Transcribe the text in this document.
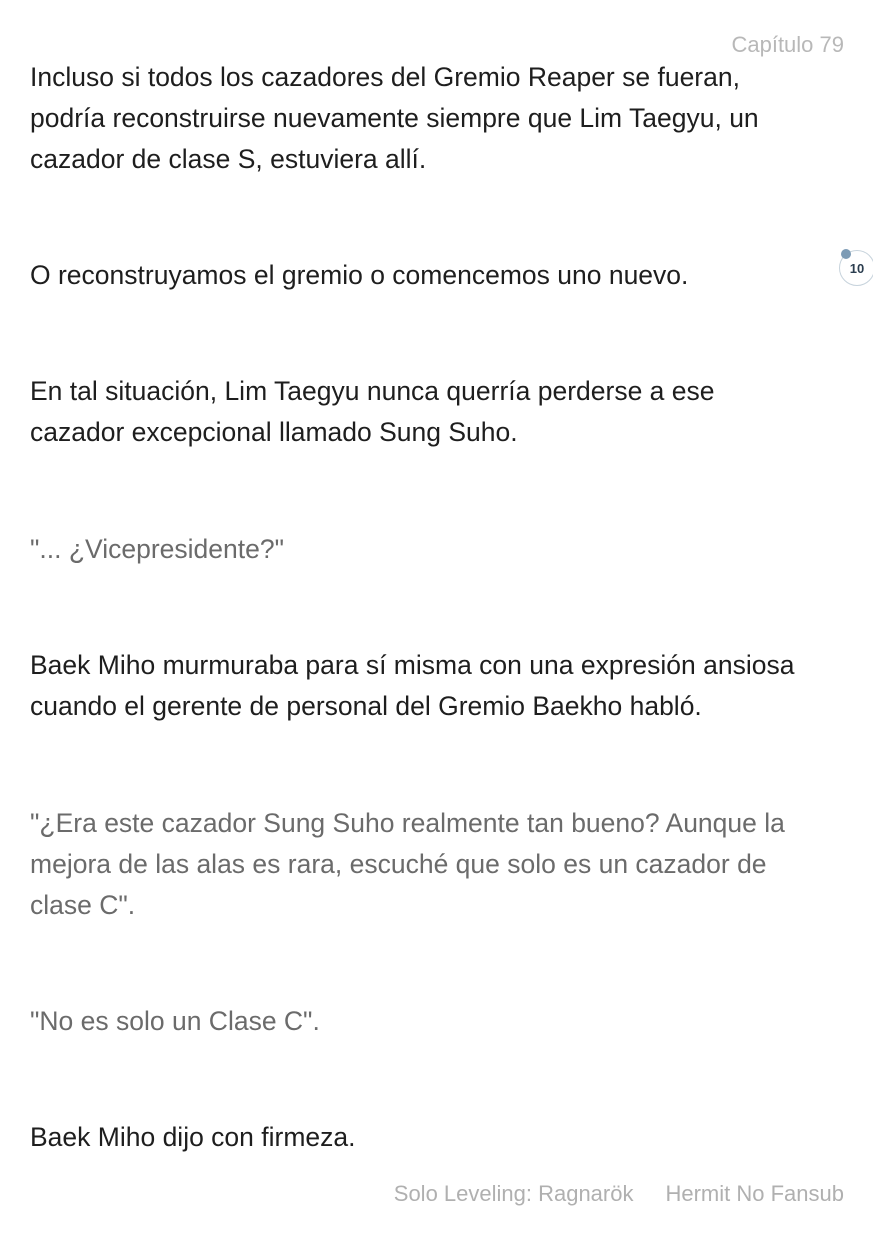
Capítulo 79

Incluso si todos los cazadores del Gremio Reaper se fueran,
podría reconstruirse nuevamente siempre que Lim Taegyu, un
cazador de clase S, estuviera allí.

O reconstruyamos el gremio o comencemos uno nuevo.

En tal situación, Lim Taegyu nunca querría perderse a ese
cazador excepcional llamado Sung Suho.

"... ¿Vicepresidente?"

Baek Miho murmuraba para sí misma con una expresión ansiosa
cuando el gerente de personal del Gremio Baekho habló.

"¿Era este cazador Sung Suho realmente tan bueno? Aunque la
mejora de las alas es rara, escuché que solo es un cazador de
clase C".

"No es solo un Clase C".

Baek Miho dijo con firmeza.

10
Solo Leveling: Ragnarök Hermit No Fansub
